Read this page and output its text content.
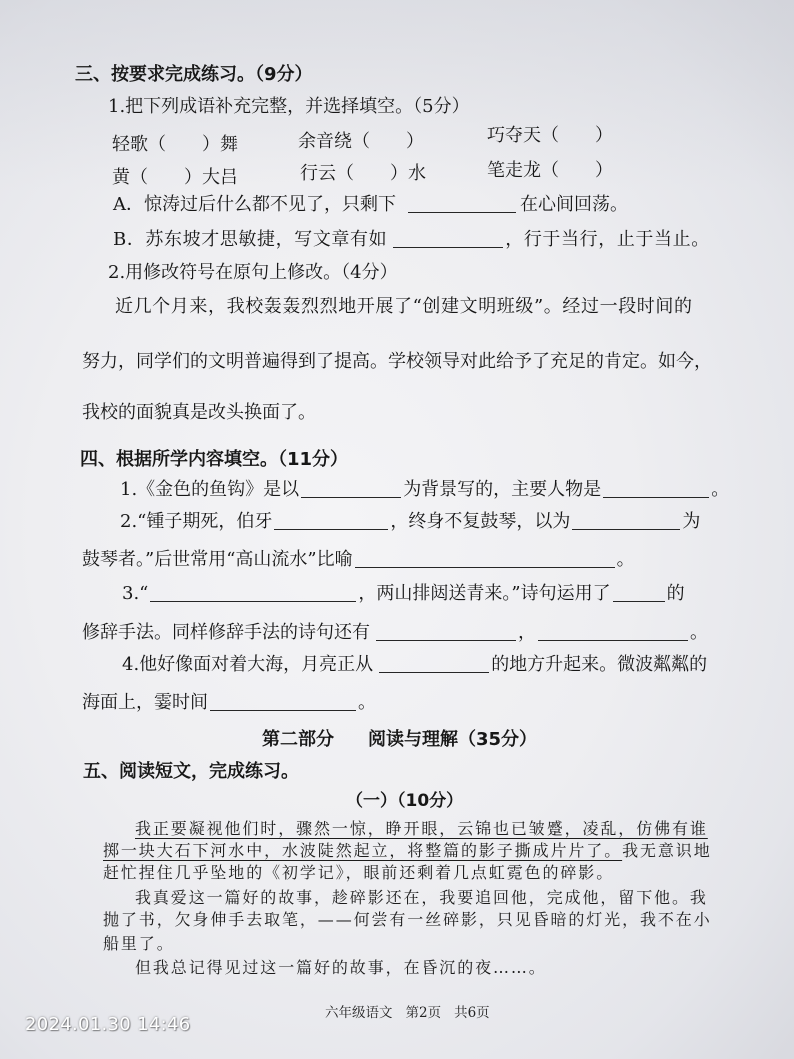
三、按要求完成练习。（9分）
1.把下列成语补充完整，并选择填空。（5分）
轻歌（　　）舞	余音绕（　　）	巧夺天（　　）
黄（　　）大吕	行云（　　）水	笔走龙（　　）
A．惊涛过后什么都不见了，只剩下	在心间回荡。
B．苏东坡才思敏捷，写文章有如	，行于当行，止于当止。
2.用修改符号在原句上修改。（4分）
近几个月来，我校轰轰烈烈地开展了“创建文明班级”。经过一段时间的
努力，同学们的文明普遍得到了提高。学校领导对此给予了充足的肯定。如今，
我校的面貌真是改头换面了。
四、根据所学内容填空。（11分）
1.《金色的鱼钩》是以	为背景写的，主要人物是	。
2.“锺子期死，伯牙	，终身不复鼓琴，以为	为
鼓琴者。”后世常用“高山流水”比喻	。
3.“	，两山排闼送青来。”诗句运用了	的
修辞手法。同样修辞手法的诗句还有	，	。
4.他好像面对着大海，月亮正从	的地方升起来。微波粼粼的
海面上，霎时间	。
第二部分 阅读与理解（35分）
五、阅读短文，完成练习。
（一）（10分）
我正要凝视他们时，骤然一惊，睁开眼，云锦也已皱蹙，凌乱，仿佛有谁
掷一块大石下河水中，水波陡然起立，将整篇的影子撕成片片了。我无意识地
赶忙捏住几乎坠地的《初学记》，眼前还剩着几点虹霓色的碎影。
我真爱这一篇好的故事，趁碎影还在，我要追回他，完成他，留下他。我
抛了书，欠身伸手去取笔，——何尝有一丝碎影，只见昏暗的灯光，我不在小
船里了。
但我总记得见过这一篇好的故事，在昏沉的夜……。
六年级语文 第2页 共6页
2024.01.30 14:46
